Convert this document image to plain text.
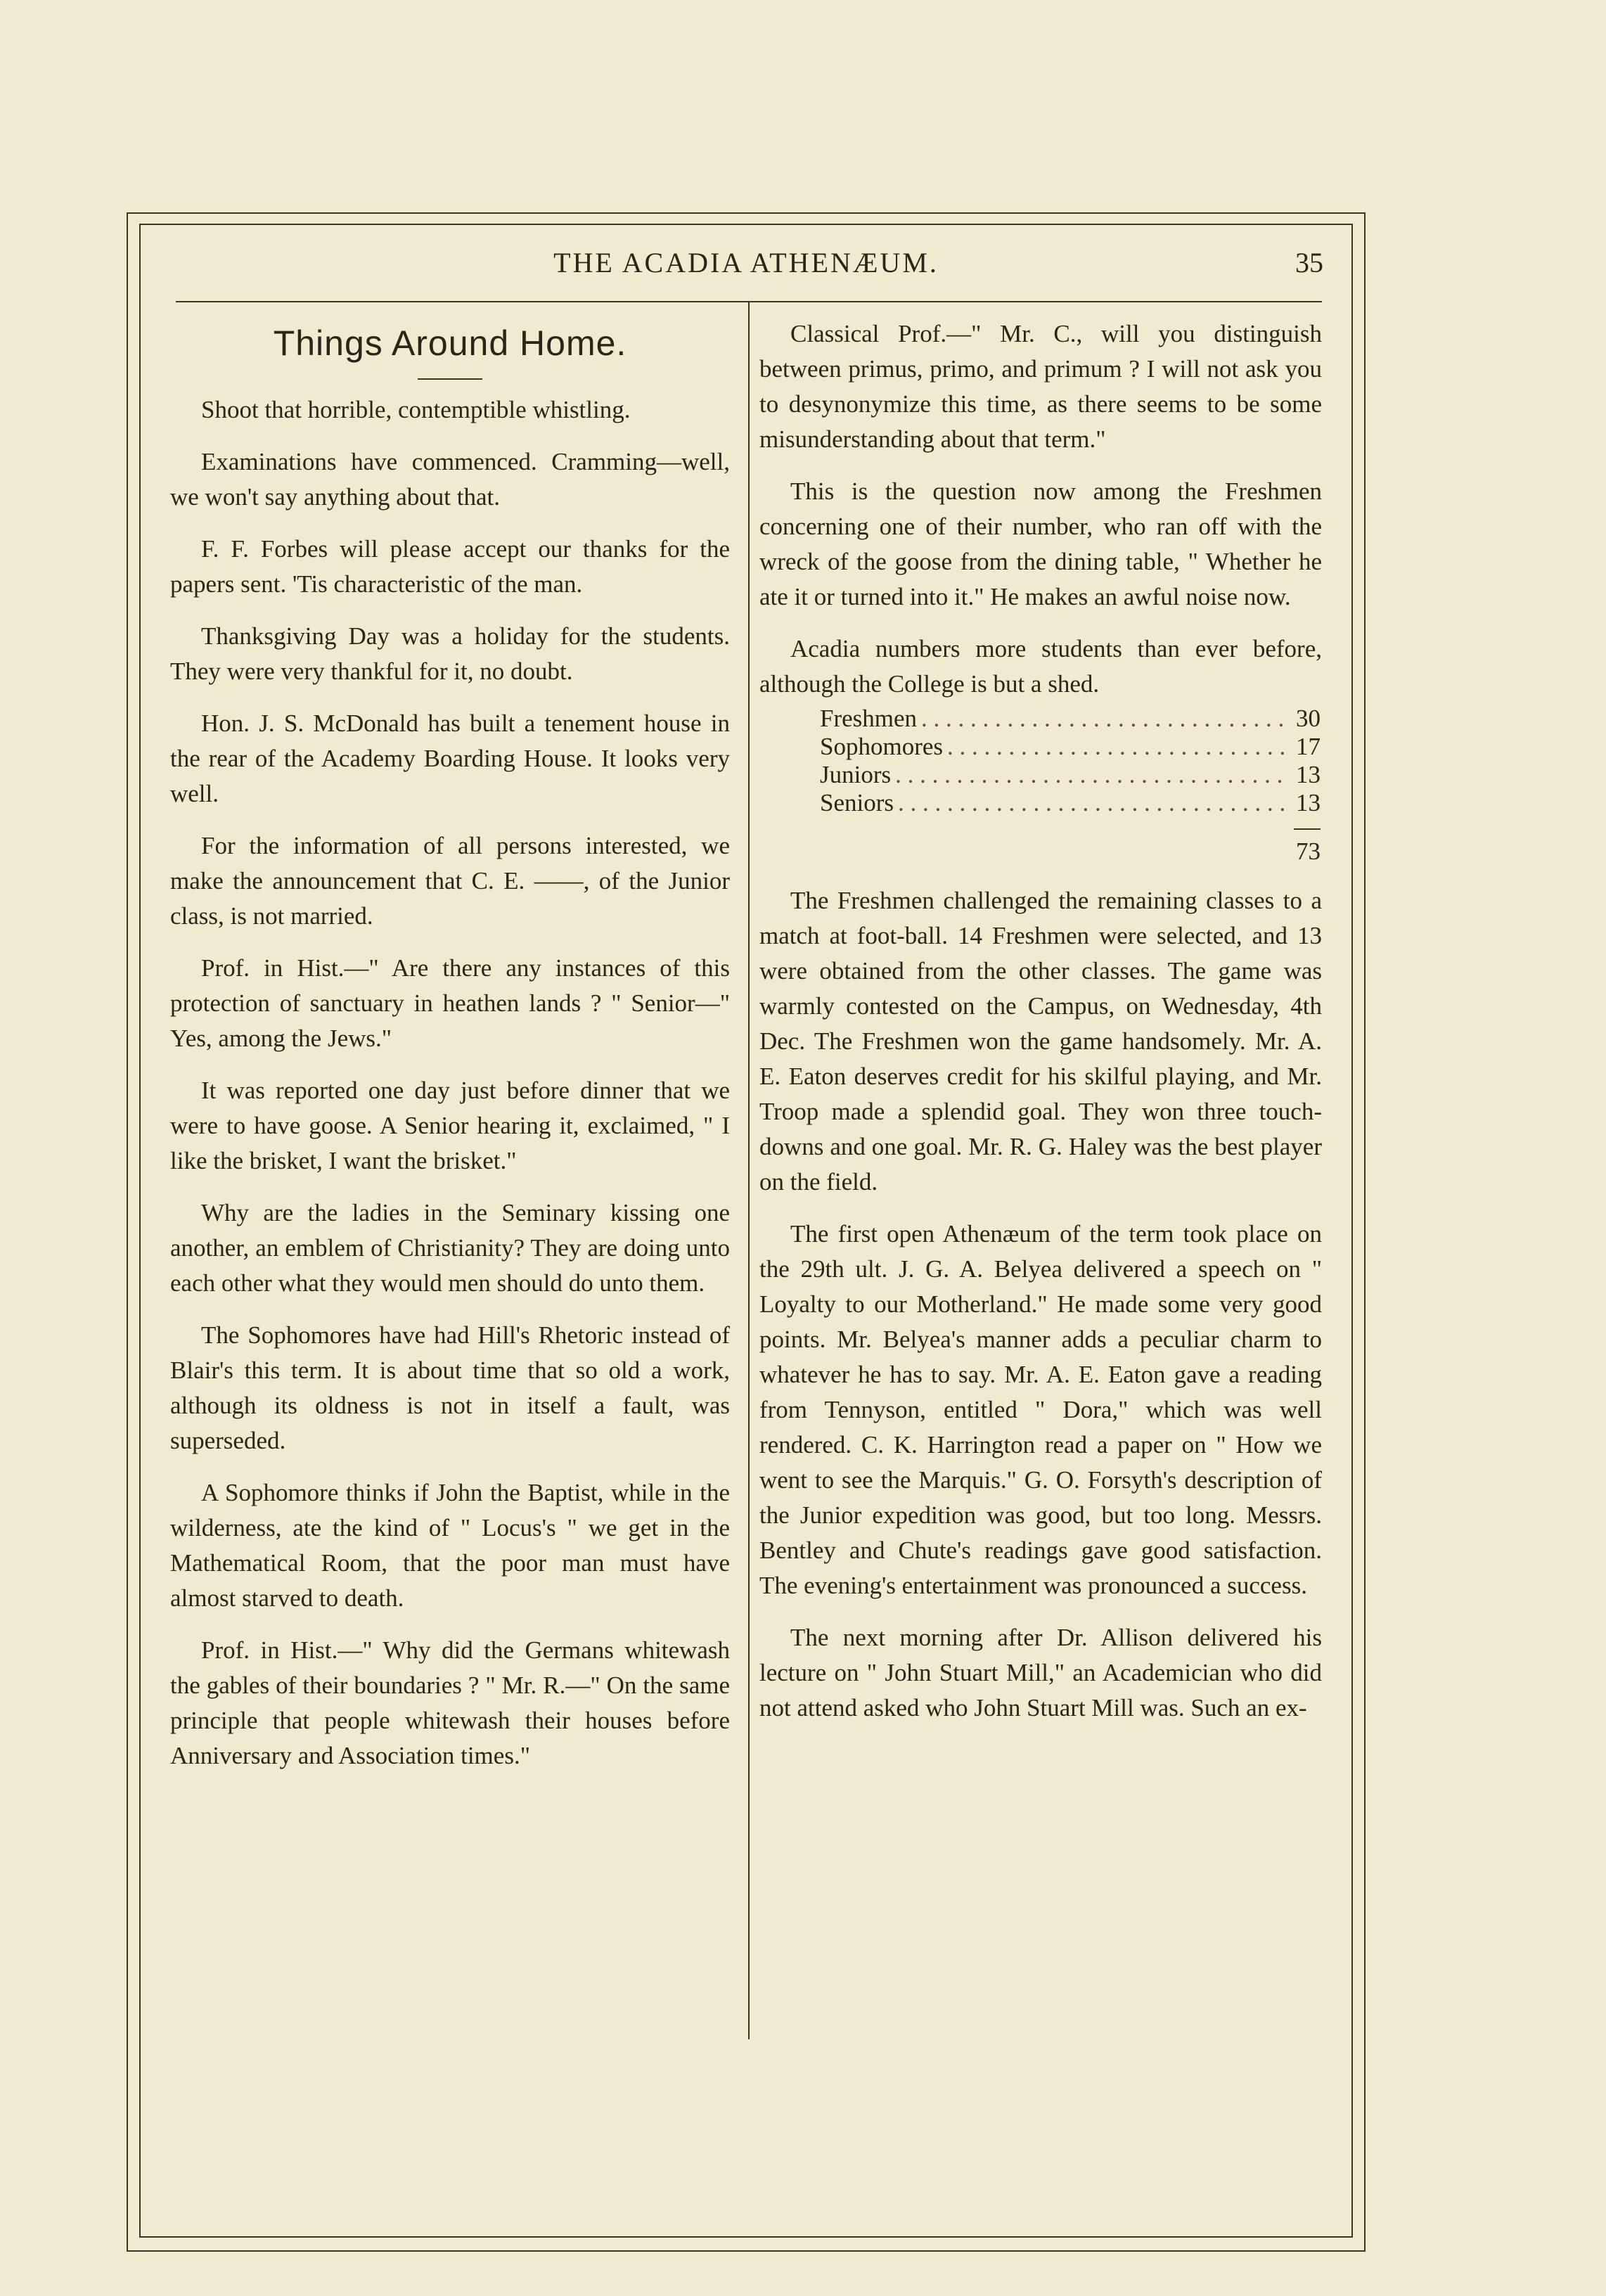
THE ACADIA ATHENÆUM.	35
Things Around Home.

Shoot that horrible, contemptible whistling.

Examinations have commenced. Cramming—well, we won't say anything about that.

F. F. Forbes will please accept our thanks for the papers sent. 'Tis characteristic of the man.

Thanksgiving Day was a holiday for the students. They were very thankful for it, no doubt.

Hon. J. S. McDonald has built a tenement house in the rear of the Academy Boarding House. It looks very well.

For the information of all persons interested, we make the announcement that C. E. ——, of the Junior class, is not married.

Prof. in Hist.—" Are there any instances of this protection of sanctuary in heathen lands ? " Senior—" Yes, among the Jews."

It was reported one day just before dinner that we were to have goose. A Senior hearing it, exclaimed, " I like the brisket, I want the brisket."

Why are the ladies in the Seminary kissing one another, an emblem of Christianity? They are doing unto each other what they would men should do unto them.

The Sophomores have had Hill's Rhetoric instead of Blair's this term. It is about time that so old a work, although its oldness is not in itself a fault, was superseded.

A Sophomore thinks if John the Baptist, while in the wilderness, ate the kind of " Locus's " we get in the Mathematical Room, that the poor man must have almost starved to death.

Prof. in Hist.—" Why did the Germans whitewash the gables of their boundaries ? " Mr. R.—" On the same principle that people whitewash their houses before Anniversary and Association times."

Classical Prof.—" Mr. C., will you distinguish between primus, primo, and primum ? I will not ask you to desynonymize this time, as there seems to be some misunderstanding about that term."

This is the question now among the Freshmen concerning one of their number, who ran off with the wreck of the goose from the dining table, " Whether he ate it or turned into it." He makes an awful noise now.

Acadia numbers more students than ever before, although the College is but a shed.

Freshmen . . .	30
Sophomores . . .	17
Juniors . . .	13
Seniors . . .	13
73

The Freshmen challenged the remaining classes to a match at foot-ball. 14 Freshmen were selected, and 13 were obtained from the other classes. The game was warmly contested on the Campus, on Wednesday, 4th Dec. The Freshmen won the game handsomely. Mr. A. E. Eaton deserves credit for his skilful playing, and Mr. Troop made a splendid goal. They won three touch-downs and one goal. Mr. R. G. Haley was the best player on the field.

The first open Athenæum of the term took place on the 29th ult. J. G. A. Belyea delivered a speech on " Loyalty to our Motherland." He made some very good points. Mr. Belyea's manner adds a peculiar charm to whatever he has to say. Mr. A. E. Eaton gave a reading from Tennyson, entitled " Dora," which was well rendered. C. K. Harrington read a paper on " How we went to see the Marquis." G. O. Forsyth's description of the Junior expedition was good, but too long. Messrs. Bentley and Chute's readings gave good satisfaction. The evening's entertainment was pronounced a success.

The next morning after Dr. Allison delivered his lecture on " John Stuart Mill," an Academician who did not attend asked who John Stuart Mill was. Such an ex-
